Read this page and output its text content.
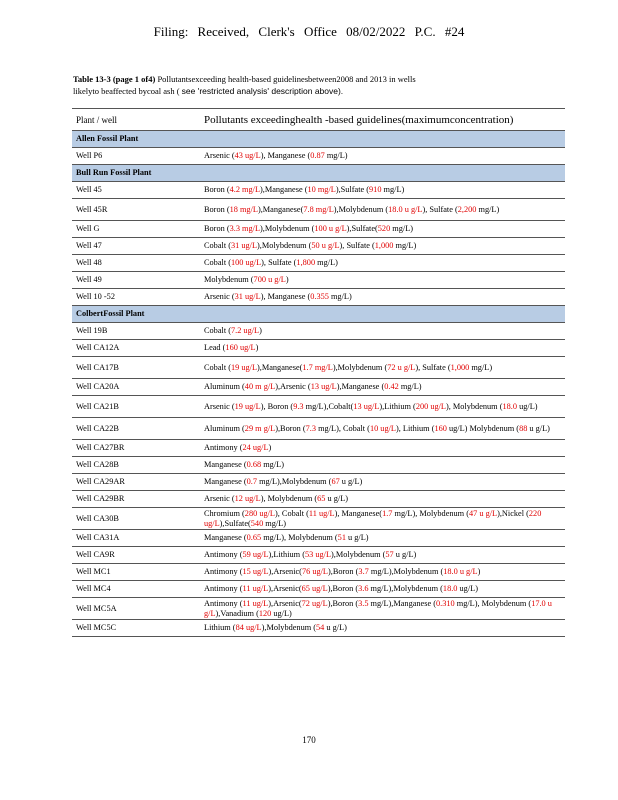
Filing: Received, Clerk's Office 08/02/2022 P.C. #24
Table 13-3 (page 1 of4) Pollutantsexceeding health-based guidelinesbetween2008 and 2013 in wells
likelyto beaffected bycoal ash ( see 'restricted analysis' description above).
Plant / well	Pollutants exceedinghealth -based guidelines(maximumconcentration)
Allen Fossil Plant	
Well P6	Arsenic (43 ug/L), Manganese (0.87 mg/L)
Bull Run Fossil Plant	
Well 45	Boron (4.2 mg/L),Manganese (10 mg/L),Sulfate (910 mg/L)
Well 45R	Boron (18 mg/L),Manganese(7.8 mg/L),Molybdenum (18.0 u g/L), Sulfate (2,200 mg/L)
Well G	Boron (3.3 mg/L),Molybdenum (100 u g/L),Sulfate(520 mg/L)
Well 47	Cobalt (31 ug/L),Molybdenum (50 u g/L), Sulfate (1,000 mg/L)
Well 48	Cobalt (100 ug/L), Sulfate (1,800 mg/L)
Well 49	Molybdenum (700 u g/L)
Well 10 -52	Arsenic (31 ug/L), Manganese (0.355 mg/L)
ColbertFossil Plant	
Well 19B	Cobalt (7.2 ug/L)
Well CA12A	Lead (160 ug/L)
Well CA17B	Cobalt (19 ug/L),Manganese(1.7 mg/L),Molybdenum (72 u g/L), Sulfate (1,000 mg/L)
Well CA20A	Aluminum (40 m g/L),Arsenic (13 ug/L),Manganese (0.42 mg/L)
Well CA21B	Arsenic (19 ug/L), Boron (9.3 mg/L),Cobalt(13 ug/L),Lithium (200 ug/L), Molybdenum (18.0 ug/L)
Well CA22B	Aluminum (29 m g/L),Boron (7.3 mg/L), Cobalt (10 ug/L), Lithium (160 ug/L) Molybdenum (88 u g/L)
Well CA27BR	Antimony (24 ug/L)
Well CA28B	Manganese (0.68 mg/L)
Well CA29AR	Manganese (0.7 mg/L),Molybdenum (67 u g/L)
Well CA29BR	Arsenic (12 ug/L), Molybdenum (65 u g/L)
Well CA30B	Chromium (280 ug/L), Cobalt (11 ug/L), Manganese(1.7 mg/L), Molybdenum (47 u g/L),Nickel (220 ug/L),Sulfate(540 mg/L)
Well CA31A	Manganese (0.65 mg/L), Molybdenum (51 u g/L)
Well CA9R	Antimony (59 ug/L),Lithium (53 ug/L),Molybdenum (57 u g/L)
Well MC1	Antimony (15 ug/L),Arsenic(76 ug/L),Boron (3.7 mg/L),Molybdenum (18.0 u g/L)
Well MC4	Antimony (11 ug/L),Arsenic(65 ug/L),Boron (3.6 mg/L),Molybdenum (18.0 ug/L)
Well MC5A	Antimony (11 ug/L),Arsenic(72 ug/L),Boron (3.5 mg/L),Manganese (0.310 mg/L), Molybdenum (17.0 u g/L),Vanadium (120 ug/L)
Well MC5C	Lithium (84 ug/L),Molybdenum (54 u g/L)
170
